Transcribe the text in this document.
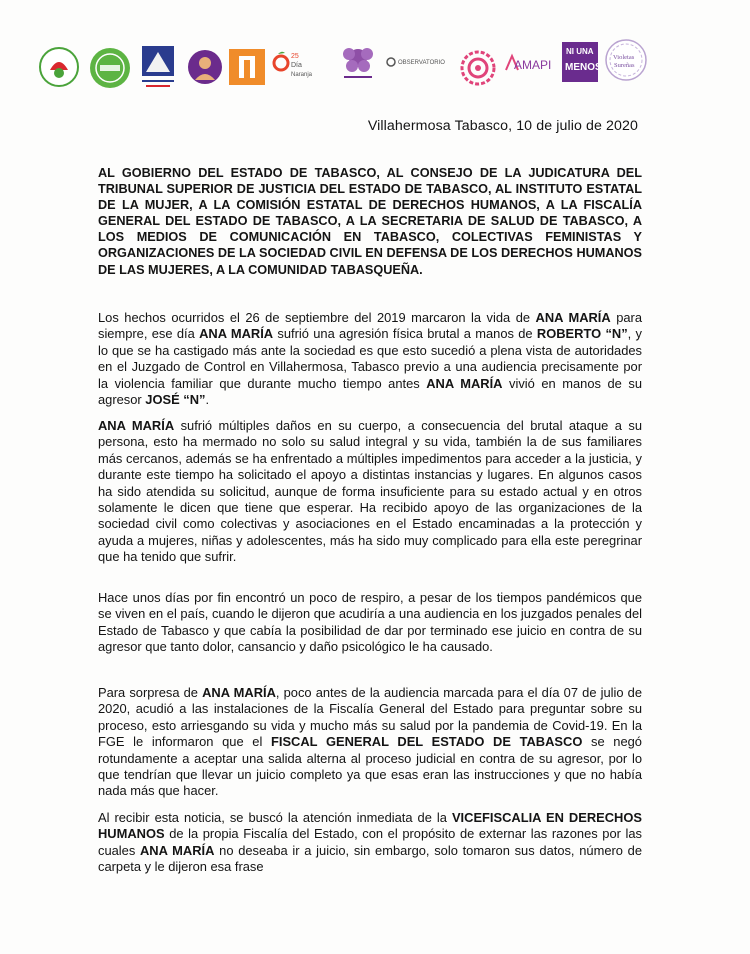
25
Día
Naranja
OBSERVATORIO	AMAPI
NI UNA
MENOS
Violetas
Sureñas
Villahermosa Tabasco, 10 de julio de 2020

AL GOBIERNO DEL ESTADO DE TABASCO, AL CONSEJO DE LA JUDICATURA DEL TRIBUNAL SUPERIOR DE JUSTICIA DEL ESTADO DE TABASCO, AL INSTITUTO ESTATAL DE LA MUJER, A LA COMISIÓN ESTATAL DE DERECHOS HUMANOS, A LA FISCALÍA GENERAL DEL ESTADO DE TABASCO, A LA SECRETARIA DE SALUD DE TABASCO, A LOS MEDIOS DE COMUNICACIÓN EN TABASCO, COLECTIVAS FEMINISTAS Y ORGANIZACIONES DE LA SOCIEDAD CIVIL EN DEFENSA DE LOS DERECHOS HUMANOS DE LAS MUJERES, A LA COMUNIDAD TABASQUEÑA.

Los hechos ocurridos el 26 de septiembre del 2019 marcaron la vida de ANA MARÍA para siempre, ese día ANA MARÍA sufrió una agresión física brutal a manos de ROBERTO “N”, y lo que se ha castigado más ante la sociedad es que esto sucedió a plena vista de autoridades en el Juzgado de Control en Villahermosa, Tabasco previo a una audiencia precisamente por la violencia familiar que durante mucho tiempo antes ANA MARÍA vivió en manos de su agresor JOSÉ “N”.

ANA MARÍA sufrió múltiples daños en su cuerpo, a consecuencia del brutal ataque a su persona, esto ha mermado no solo su salud integral y su vida, también la de sus familiares más cercanos, además se ha enfrentado a múltiples impedimentos para acceder a la justicia, y durante este tiempo ha solicitado el apoyo a distintas instancias y lugares. En algunos casos ha sido atendida su solicitud, aunque de forma insuficiente para su estado actual y en otros solamente le dicen que tiene que esperar. Ha recibido apoyo de las organizaciones de la sociedad civil como colectivas y asociaciones en el Estado encaminadas a la protección y ayuda a mujeres, niñas y adolescentes, más ha sido muy complicado para ella este peregrinar que ha tenido que sufrir.

Hace unos días por fin encontró un poco de respiro, a pesar de los tiempos pandémicos que se viven en el país, cuando le dijeron que acudiría a una audiencia en los juzgados penales del Estado de Tabasco y que cabía la posibilidad de dar por terminado ese juicio en contra de su agresor que tanto dolor, cansancio y daño psicológico le ha causado.

Para sorpresa de ANA MARÍA, poco antes de la audiencia marcada para el día 07 de julio de 2020, acudió a las instalaciones de la Fiscalía General del Estado para preguntar sobre su proceso, esto arriesgando su vida y mucho más su salud por la pandemia de Covid-19. En la FGE le informaron que el FISCAL GENERAL DEL ESTADO DE TABASCO se negó rotundamente a aceptar una salida alterna al proceso judicial en contra de su agresor, por lo que tendrían que llevar un juicio completo ya que esas eran las instrucciones y que no había nada más que hacer.

Al recibir esta noticia, se buscó la atención inmediata de la VICEFISCALIA EN DERECHOS HUMANOS de la propia Fiscalía del Estado, con el propósito de externar las razones por las cuales ANA MARÍA no deseaba ir a juicio, sin embargo, solo tomaron sus datos, número de carpeta y le dijeron esa frase
